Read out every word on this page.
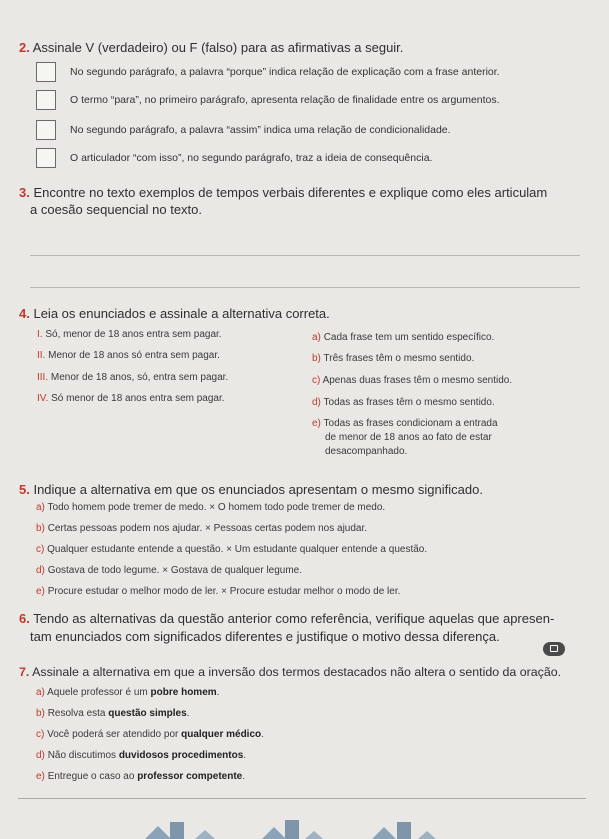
2. Assinale V (verdadeiro) ou F (falso) para as afirmativas a seguir.
No segundo parágrafo, a palavra “porque” indica relação de explicação com a frase anterior.
O termo “para”, no primeiro parágrafo, apresenta relação de finalidade entre os argumentos.
No segundo parágrafo, a palavra “assim” indica uma relação de condicionalidade.
O articulador “com isso”, no segundo parágrafo, traz a ideia de consequência.
3. Encontre no texto exemplos de tempos verbais diferentes e explique como eles articulam
a coesão sequencial no texto.
4. Leia os enunciados e assinale a alternativa correta.
I. Só, menor de 18 anos entra sem pagar.
II. Menor de 18 anos só entra sem pagar.
III. Menor de 18 anos, só, entra sem pagar.
IV. Só menor de 18 anos entra sem pagar.
a) Cada frase tem um sentido específico.
b) Três frases têm o mesmo sentido.
c) Apenas duas frases têm o mesmo sentido.
d) Todas as frases têm o mesmo sentido.
e) Todas as frases condicionam a entrada
de menor de 18 anos ao fato de estar
desacompanhado.
5. Indique a alternativa em que os enunciados apresentam o mesmo significado.
a) Todo homem pode tremer de medo. × O homem todo pode tremer de medo.
b) Certas pessoas podem nos ajudar. × Pessoas certas podem nos ajudar.
c) Qualquer estudante entende a questão. × Um estudante qualquer entende a questão.
d) Gostava de todo legume. × Gostava de qualquer legume.
e) Procure estudar o melhor modo de ler. × Procure estudar melhor o modo de ler.
6. Tendo as alternativas da questão anterior como referência, verifique aquelas que apresen-
tam enunciados com significados diferentes e justifique o motivo dessa diferença.
7. Assinale a alternativa em que a inversão dos termos destacados não altera o sentido da oração.
a) Aquele professor é um pobre homem.
b) Resolva esta questão simples.
c) Você poderá ser atendido por qualquer médico.
d) Não discutimos duvidosos procedimentos.
e) Entregue o caso ao professor competente.
